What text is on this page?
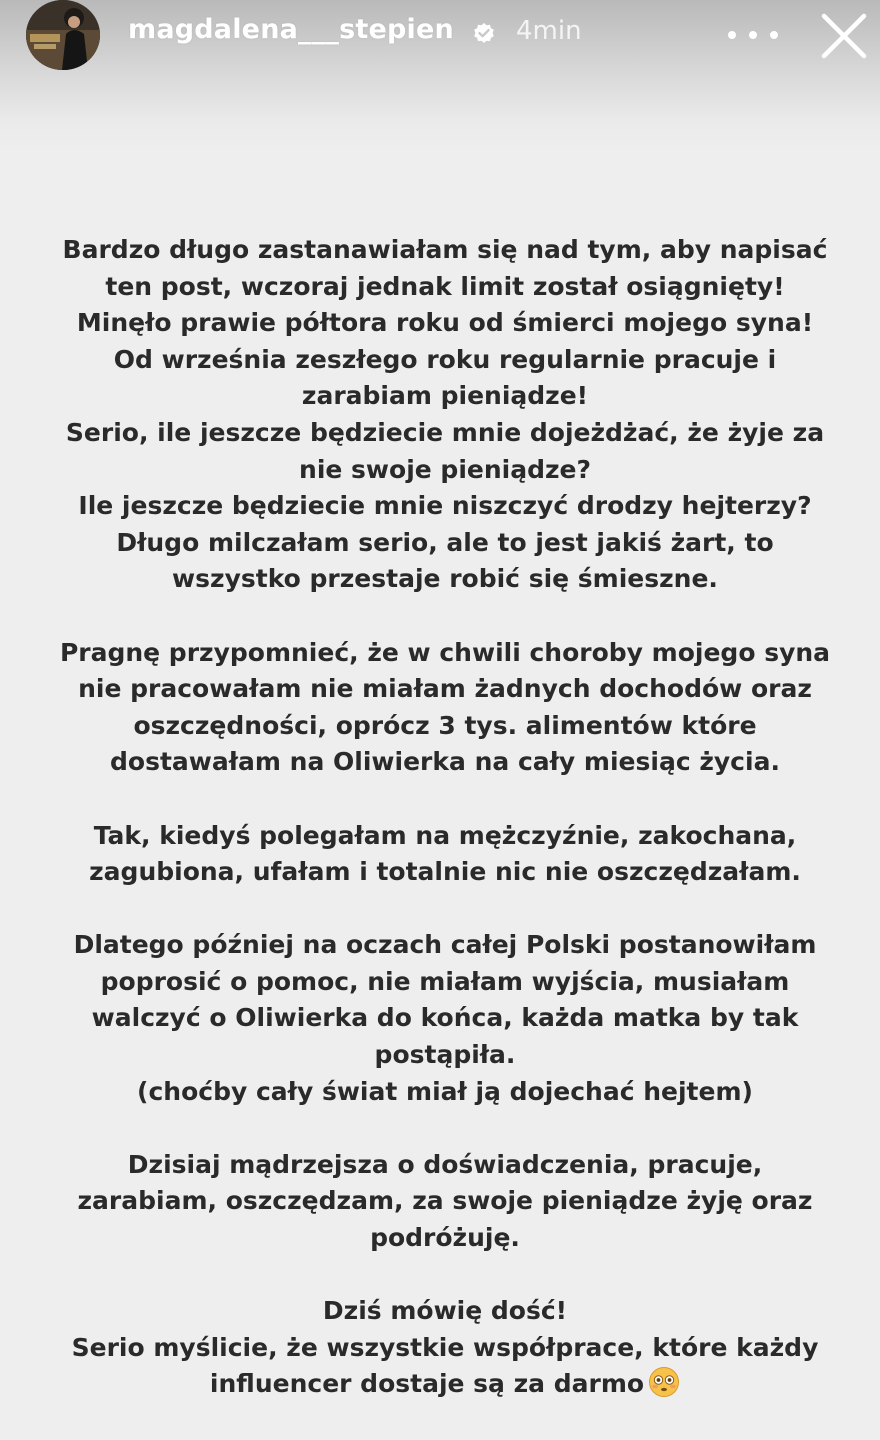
magdalena___stepien 4min

Bardzo długo zastanawiałam się nad tym, aby napisać

ten post, wczoraj jednak limit został osiągnięty!

Minęło prawie półtora roku od śmierci mojego syna!

Od września zeszłego roku regularnie pracuje i

zarabiam pieniądze!

Serio, ile jeszcze będziecie mnie dojeżdżać, że żyje za

nie swoje pieniądze?

Ile jeszcze będziecie mnie niszczyć drodzy hejterzy?

Długo milczałam serio, ale to jest jakiś żart, to

wszystko przestaje robić się śmieszne.

Pragnę przypomnieć, że w chwili choroby mojego syna

nie pracowałam nie miałam żadnych dochodów oraz

oszczędności, oprócz 3 tys. alimentów które

dostawałam na Oliwierka na cały miesiąc życia.

Tak, kiedyś polegałam na mężczyźnie, zakochana,

zagubiona, ufałam i totalnie nic nie oszczędzałam.

Dlatego później na oczach całej Polski postanowiłam

poprosić o pomoc, nie miałam wyjścia, musiałam

walczyć o Oliwierka do końca, każda matka by tak

postąpiła.

(choćby cały świat miał ją dojechać hejtem)

Dzisiaj mądrzejsza o doświadczenia, pracuje,

zarabiam, oszczędzam, za swoje pieniądze żyję oraz

podróżuję.

Dziś mówię dość!

Serio myślicie, że wszystkie współprace, które każdy

influencer dostaje są za darmo
